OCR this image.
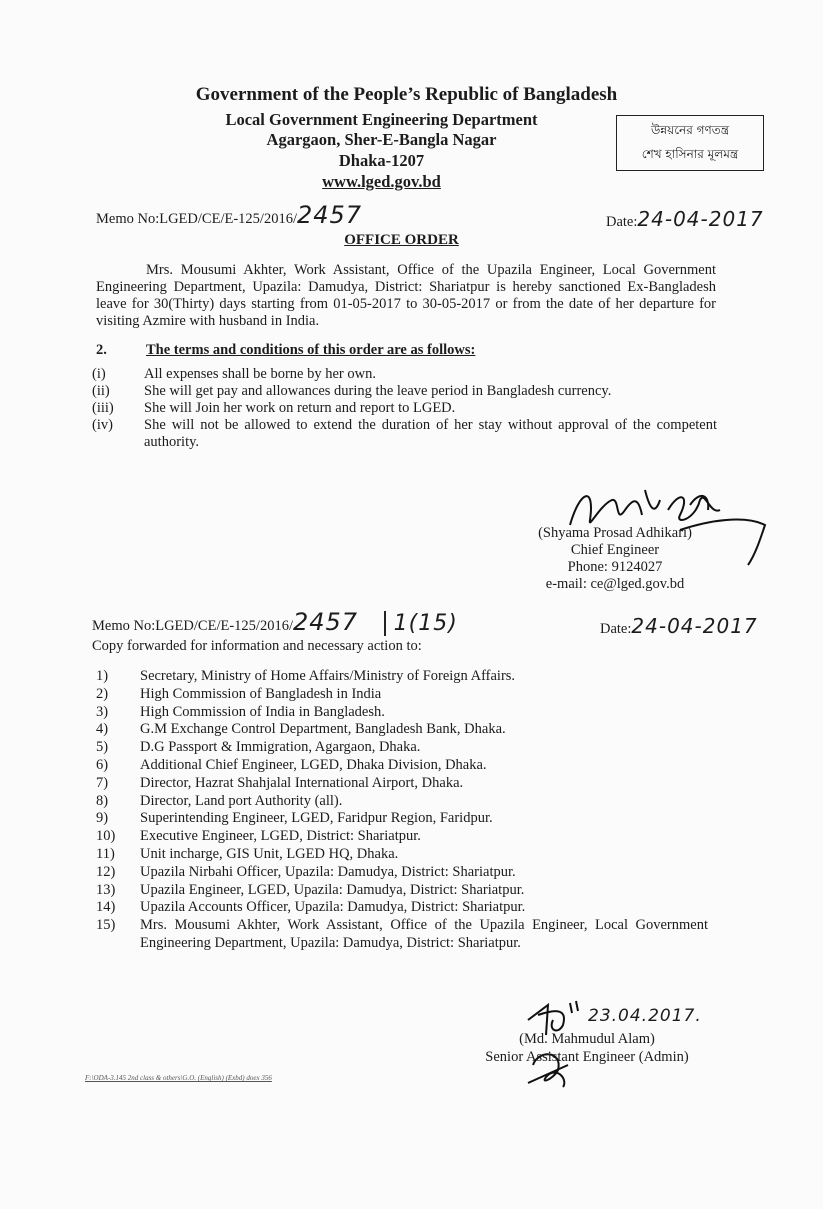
Government of the People’s Republic of Bangladesh
Local Government Engineering Department
Agargaon, Sher-E-Bangla Nagar
Dhaka-1207
www.lged.gov.bd
উন্নয়নের গণতন্ত্র
শেখ হাসিনার মূলমন্ত্র
Memo No:LGED/CE/E-125/2016/2457	Date:24-04-2017
OFFICE ORDER
Mrs. Mousumi Akhter, Work Assistant, Office of the Upazila Engineer, Local Government Engineering Department, Upazila: Damudya, District: Shariatpur is hereby sanctioned Ex-Bangladesh leave for 30(Thirty) days starting from 01-05-2017 to 30-05-2017 or from the date of her departure for visiting Azmire with husband in India.
2.	The terms and conditions of this order are as follows:
(i)	All expenses shall be borne by her own.
(ii) She will get pay and allowances during the leave period in Bangladesh currency.
(iii) She will Join her work on return and report to LGED.
(iv) She will not be allowed to extend the duration of her stay without approval of the competent authority.
(Shyama Prosad Adhikari)
Chief Engineer
Phone: 9124027
e-mail: ce@lged.gov.bd
Memo No:LGED/CE/E-125/2016/2457 1(15)	Date:24-04-2017
Copy forwarded for information and necessary action to:
1) Secretary, Ministry of Home Affairs/Ministry of Foreign Affairs.
2) High Commission of Bangladesh in India
3) High Commission of India in Bangladesh.
4) G.M Exchange Control Department, Bangladesh Bank, Dhaka.
5) D.G Passport & Immigration, Agargaon, Dhaka.
6) Additional Chief Engineer, LGED, Dhaka Division, Dhaka.
7) Director, Hazrat Shahjalal International Airport, Dhaka.
8) Director, Land port Authority (all).
9) Superintending Engineer, LGED, Faridpur Region, Faridpur.
10) Executive Engineer, LGED, District: Shariatpur.
11) Unit incharge, GIS Unit, LGED HQ, Dhaka.
12) Upazila Nirbahi Officer, Upazila: Damudya, District: Shariatpur.
13) Upazila Engineer, LGED, Upazila: Damudya, District: Shariatpur.
14) Upazila Accounts Officer, Upazila: Damudya, District: Shariatpur.
15) Mrs. Mousumi Akhter, Work Assistant, Office of the Upazila Engineer, Local Government Engineering Department, Upazila: Damudya, District: Shariatpur.
23.04.2017.
(Md. Mahmudul Alam)
Senior Assistant Engineer (Admin)
F:\ODA-3.145 2nd class & others\G.O. (English) (Exbd) doex 356
